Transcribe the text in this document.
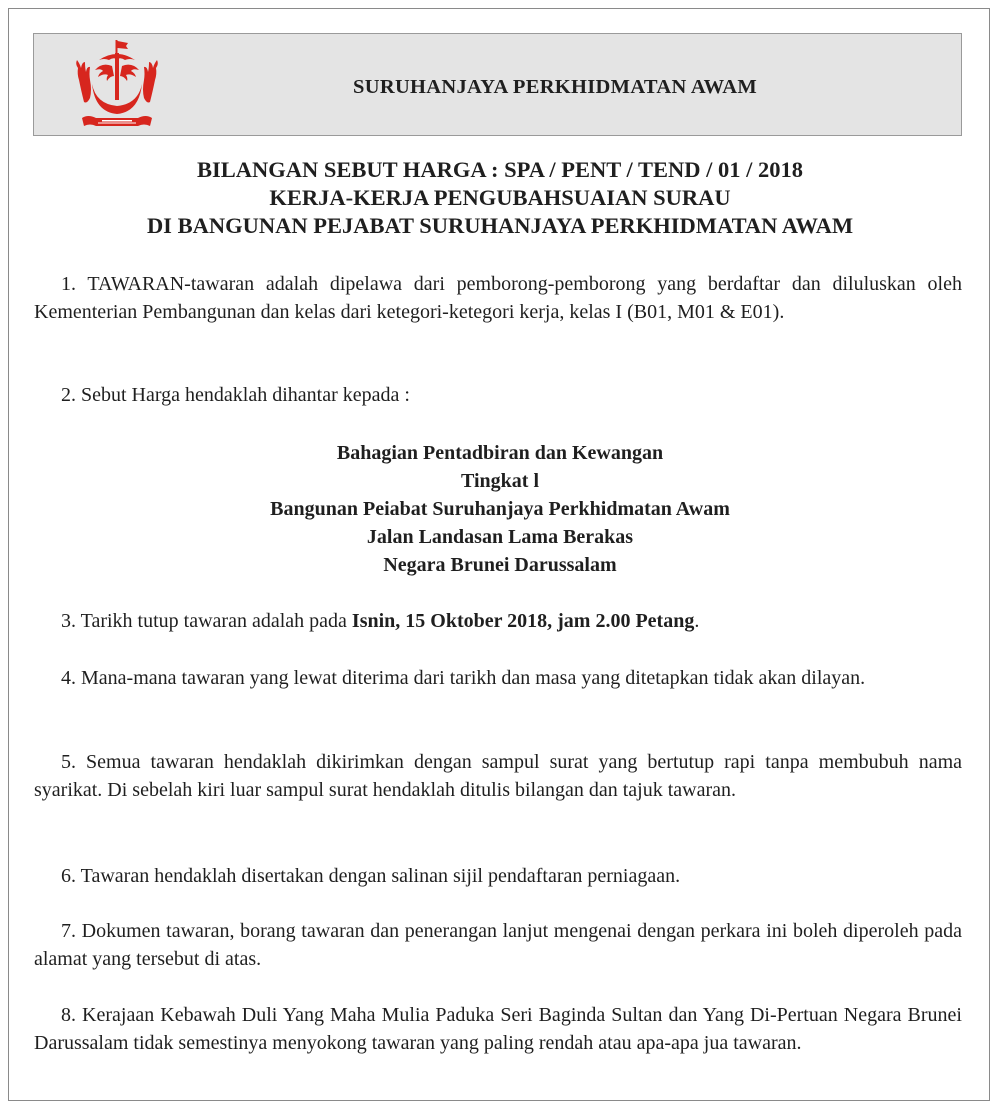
SURUHANJAYA PERKHIDMATAN AWAM
BILANGAN SEBUT HARGA : SPA / PENT / TEND / 01 / 2018
KERJA-KERJA PENGUBAHSUAIAN SURAU
DI BANGUNAN PEJABAT SURUHANJAYA PERKHIDMATAN AWAM
1. TAWARAN-tawaran adalah dipelawa dari pemborong-pemborong yang berdaftar dan diluluskan oleh Kementerian Pembangunan dan kelas dari ketegori-ketegori kerja, kelas I (B01, M01 & E01).
2. Sebut Harga hendaklah dihantar kepada :
Bahagian Pentadbiran dan Kewangan
Tingkat l
Bangunan Peiabat Suruhanjaya Perkhidmatan Awam
Jalan Landasan Lama Berakas
Negara Brunei Darussalam
3. Tarikh tutup tawaran adalah pada Isnin, 15 Oktober 2018, jam 2.00 Petang.
4. Mana-mana tawaran yang lewat diterima dari tarikh dan masa yang ditetapkan tidak akan dilayan.
5. Semua tawaran hendaklah dikirimkan dengan sampul surat yang bertutup rapi tanpa membubuh nama syarikat. Di sebelah kiri luar sampul surat hendaklah ditulis bilangan dan tajuk tawaran.
6. Tawaran hendaklah disertakan dengan salinan sijil pendaftaran perniagaan.
7. Dokumen tawaran, borang tawaran dan penerangan lanjut mengenai dengan perkara ini boleh diperoleh pada alamat yang tersebut di atas.
8. Kerajaan Kebawah Duli Yang Maha Mulia Paduka Seri Baginda Sultan dan Yang Di-Pertuan Negara Brunei Darussalam tidak semestinya menyokong tawaran yang paling rendah atau apa-apa jua tawaran.
